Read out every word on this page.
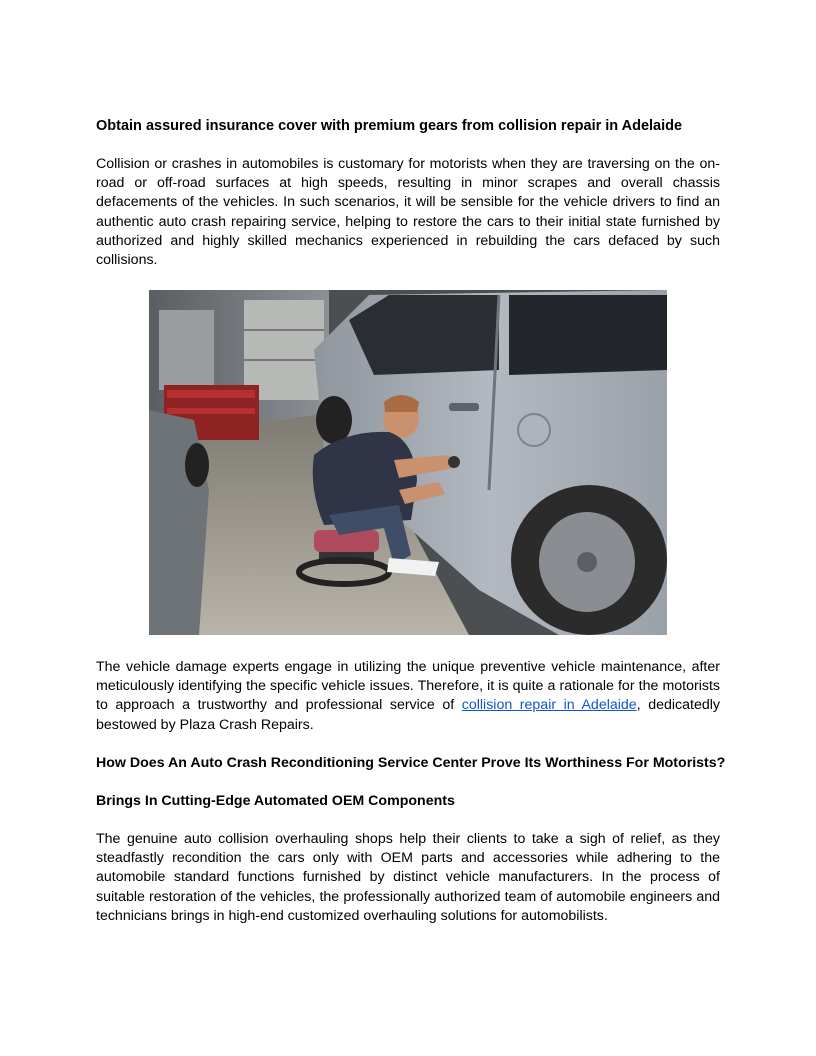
Obtain assured insurance cover with premium gears from collision repair in Adelaide

Collision or crashes in automobiles is customary for motorists when they are traversing on the on-road or off-road surfaces at high speeds, resulting in minor scrapes and overall chassis defacements of the vehicles. In such scenarios, it will be sensible for the vehicle drivers to find an authentic auto crash repairing service, helping to restore the cars to their initial state furnished by authorized and highly skilled mechanics experienced in rebuilding the cars defaced by such collisions.

The vehicle damage experts engage in utilizing the unique preventive vehicle maintenance, after meticulously identifying the specific vehicle issues. Therefore, it is quite a rationale for the motorists to approach a trustworthy and professional service of collision repair in Adelaide, dedicatedly bestowed by Plaza Crash Repairs.

How Does An Auto Crash Reconditioning Service Center Prove Its Worthiness For Motorists?
Brings In Cutting-Edge Automated OEM Components

The genuine auto collision overhauling shops help their clients to take a sigh of relief, as they steadfastly recondition the cars only with OEM parts and accessories while adhering to the automobile standard functions furnished by distinct vehicle manufacturers. In the process of suitable restoration of the vehicles, the professionally authorized team of automobile engineers and technicians brings in high-end customized overhauling solutions for automobilists.
